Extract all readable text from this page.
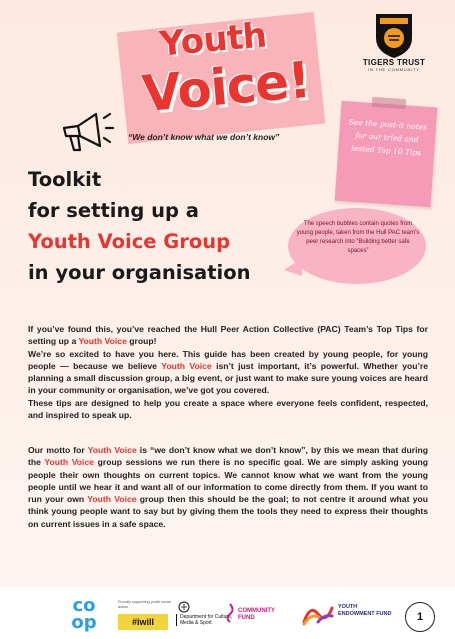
Youth
Voice!
“We don’t know what we don’t know”
TIGERS TRUST
IN THE COMMUNITY
See the post-it notes for our tried and tested Top 10 Tips
Toolkit
for setting up a
Youth Voice Group
in your organisation
The speech bubbles contain quotes from young people, taken from the Hull PAC team’s peer research into “Building better safe spaces”

If you’ve found this, you’ve reached the Hull Peer Action Collective (PAC) Team’s Top Tips for setting up a Youth Voice group!

We’re so excited to have you here. This guide has been created by young people, for young people — because we believe Youth Voice isn’t just important, it’s powerful. Whether you’re planning a small discussion group, a big event, or just want to make sure young voices are heard in your community or organisation, we’ve got you covered.

These tips are designed to help you create a space where everyone feels confident, respected, and inspired to speak up.

Our motto for Youth Voice is “we don’t know what we don’t know”, by this we mean that during the Youth Voice group sessions we run there is no specific goal. We are simply asking young people their own thoughts on current topics. We cannot know what we want from the young people until we hear it and want all of our information to come directly from them. If you want to run your own Youth Voice group then this should be the goal; to not centre it around what you think young people want to say but by giving them the tools they need to express their thoughts on current issues in a safe space.

co op
Proudly supporting youth social action
#iwill	Department for Culture, Media & Sport
COMMUNITY FUND
YOUTH ENDOWMENT FUND	1
